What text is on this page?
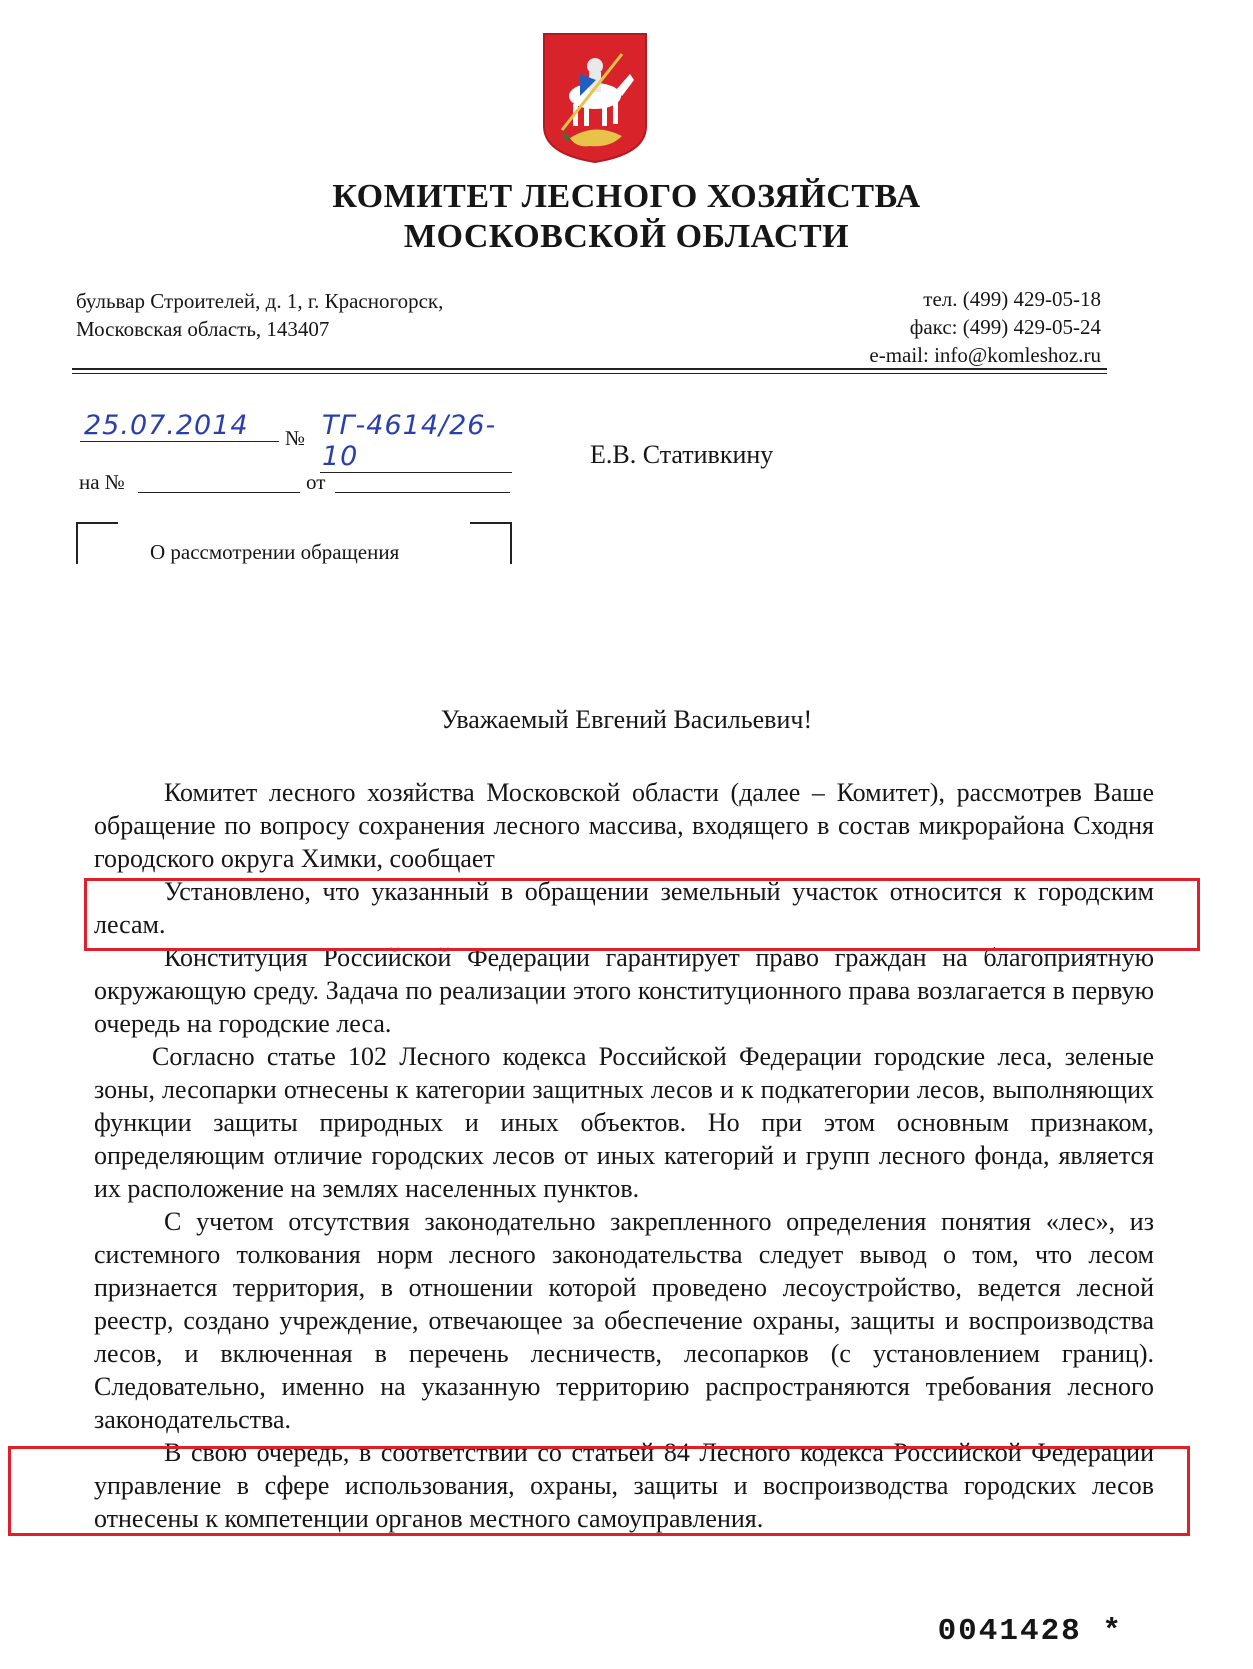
КОМИТЕТ ЛЕСНОГО ХОЗЯЙСТВА
МОСКОВСКОЙ ОБЛАСТИ
бульвар Строителей, д. 1, г. Красногорск,
Московская область, 143407
тел. (499) 429-05-18
факс: (499) 429-05-24
e-mail: info@komleshoz.ru
25.07.2014	№ ТГ-4614/26-10
на №	от
Е.В. Стативкину
О рассмотрении обращения
Уважаемый Евгений Васильевич!

Комитет лесного хозяйства Московской области (далее – Комитет), рассмотрев Ваше обращение по вопросу сохранения лесного массива, входящего в состав микрорайона Сходня городского округа Химки, сообщает

Установлено, что указанный в обращении земельный участок относится к городским лесам.

Конституция Российской Федерации гарантирует право граждан на благоприятную окружающую среду. Задача по реализации этого конституционного права возлагается в первую очередь на городские леса.

Согласно статье 102 Лесного кодекса Российской Федерации городские леса, зеленые зоны, лесопарки отнесены к категории защитных лесов и к подкатегории лесов, выполняющих функции защиты природных и иных объектов. Но при этом основным признаком, определяющим отличие городских лесов от иных категорий и групп лесного фонда, является их расположение на землях населенных пунктов.

С учетом отсутствия законодательно закрепленного определения понятия «лес», из системного толкования норм лесного законодательства следует вывод о том, что лесом признается территория, в отношении которой проведено лесоустройство, ведется лесной реестр, создано учреждение, отвечающее за обеспечение охраны, защиты и воспроизводства лесов, и включенная в перечень лесничеств, лесопарков (с установлением границ). Следовательно, именно на указанную территорию распространяются требования лесного законодательства.

В свою очередь, в соответствии со статьей 84 Лесного кодекса Российской Федерации управление в сфере использования, охраны, защиты и воспроизводства городских лесов отнесены к компетенции органов местного самоуправления.

0041428 *
